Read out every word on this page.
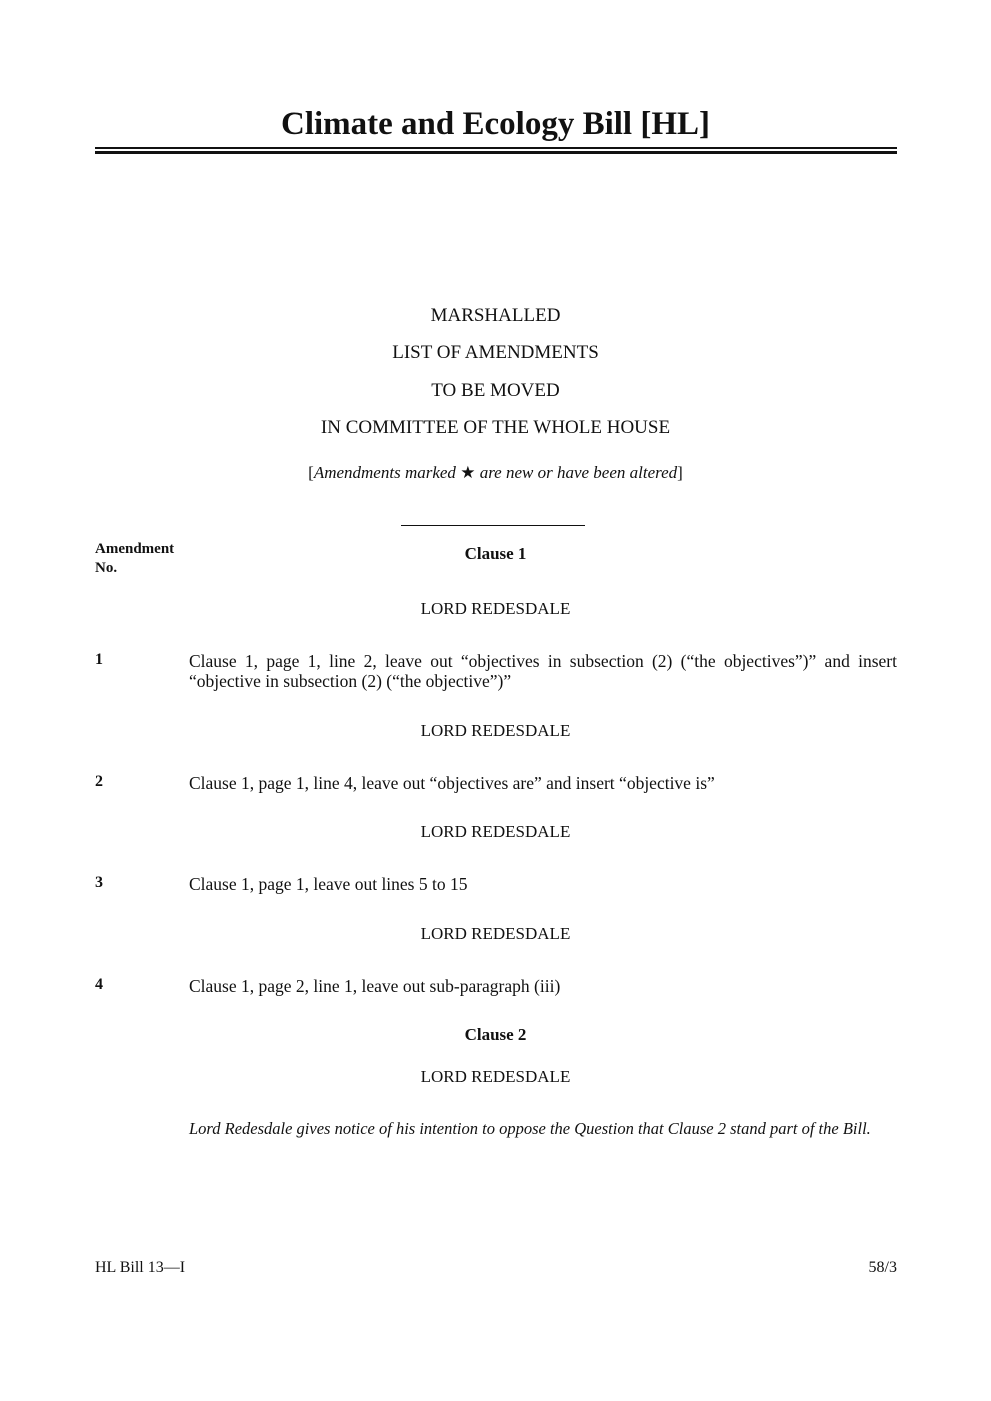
Climate and Ecology Bill [HL]
MARSHALLED
LIST OF AMENDMENTS
TO BE MOVED
IN COMMITTEE OF THE WHOLE HOUSE
[Amendments marked ★ are new or have been altered]
Amendment
No.
Clause 1
LORD REDESDALE
1	Clause 1, page 1, line 2, leave out “objectives in subsection (2) (“the objectives”)” and insert “objective in subsection (2) (“the objective”)”
LORD REDESDALE
2	Clause 1, page 1, line 4, leave out “objectives are” and insert “objective is”
LORD REDESDALE
3	Clause 1, page 1, leave out lines 5 to 15
LORD REDESDALE
4	Clause 1, page 2, line 1, leave out sub-paragraph (iii)
Clause 2
LORD REDESDALE
Lord Redesdale gives notice of his intention to oppose the Question that Clause 2 stand part of the Bill.
HL Bill 13—I	58/3
